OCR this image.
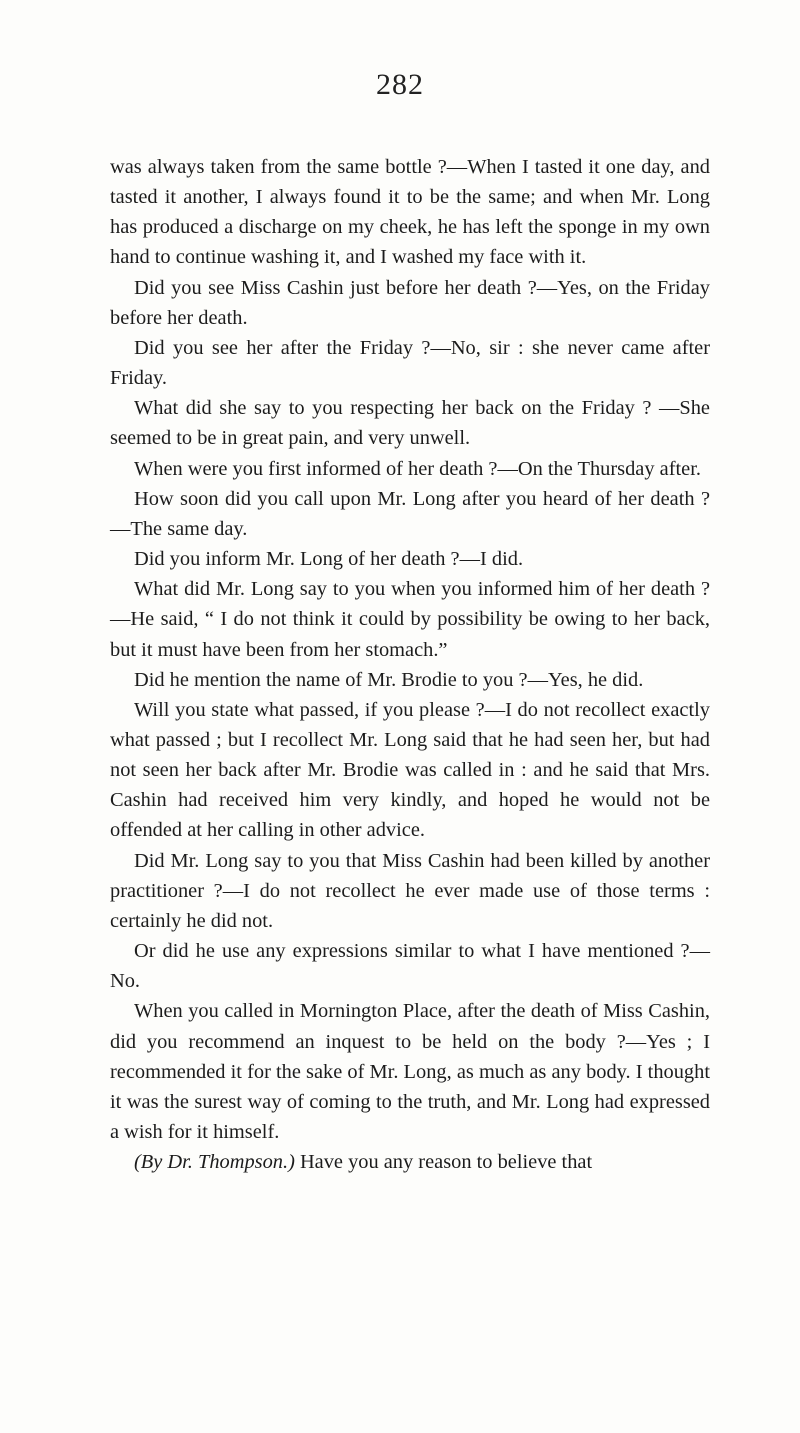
282

was always taken from the same bottle ?—When I tasted it one day, and tasted it another, I always found it to be the same; and when Mr. Long has produced a discharge on my cheek, he has left the sponge in my own hand to continue washing it, and I washed my face with it.

Did you see Miss Cashin just before her death ?—Yes, on the Friday before her death.

Did you see her after the Friday ?—No, sir : she never came after Friday.

What did she say to you respecting her back on the Friday ? —She seemed to be in great pain, and very unwell.

When were you first informed of her death ?—On the Thursday after.

How soon did you call upon Mr. Long after you heard of her death ?—The same day.

Did you inform Mr. Long of her death ?—I did.

What did Mr. Long say to you when you informed him of her death ?—He said, “ I do not think it could by possibility be owing to her back, but it must have been from her stomach.”

Did he mention the name of Mr. Brodie to you ?—Yes, he did.

Will you state what passed, if you please ?—I do not recollect exactly what passed ; but I recollect Mr. Long said that he had seen her, but had not seen her back after Mr. Brodie was called in : and he said that Mrs. Cashin had received him very kindly, and hoped he would not be offended at her calling in other advice.

Did Mr. Long say to you that Miss Cashin had been killed by another practitioner ?—I do not recollect he ever made use of those terms : certainly he did not.

Or did he use any expressions similar to what I have mentioned ?—No.

When you called in Mornington Place, after the death of Miss Cashin, did you recommend an inquest to be held on the body ?—Yes ; I recommended it for the sake of Mr. Long, as much as any body. I thought it was the surest way of coming to the truth, and Mr. Long had expressed a wish for it himself.

(By Dr. Thompson.) Have you any reason to believe that
